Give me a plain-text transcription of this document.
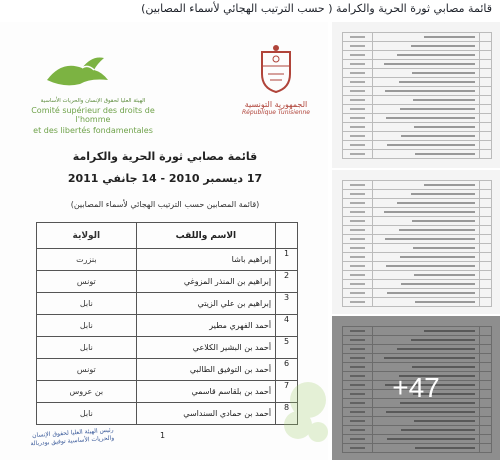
قائمة مصابي ثورة الحرية والكرامة ( حسب الترتيب الهجائي لأسماء المصابين)
الهيئة العليا لحقوق الإنسان والحريات الأساسية
Comité supérieur des droits de l'homme
et des libertés fondamentales
الجمهورية التونسية
République Tunisienne
قائمة مصابي ثورة الحرية والكرامة
17 ديسمبر 2010 - 14 جانفي 2011
(قائمة المصابين حسب الترتيب الهجائي لأسماء المصابين)
	الاسم واللقب	الولاية
1	إبراهيم باشا	بنزرت
2	إبراهيم بن المنذر المزوغي	تونس
3	إبراهيم بن علي الزيتي	نابل
4	أحمد الفهري مطير	نابل
5	أحمد بن البشير الكلاعي	نابل
6	أحمد بن التوفيق الطالبي	تونس
7	أحمد بن بلقاسم قاسمي	بن عروس
8	أحمد بن حمادي السنداسي	نابل
رئيس الهيئة العليا لحقوق الإنسان والحريات الأساسية توفيق بودربالة	1

+47
